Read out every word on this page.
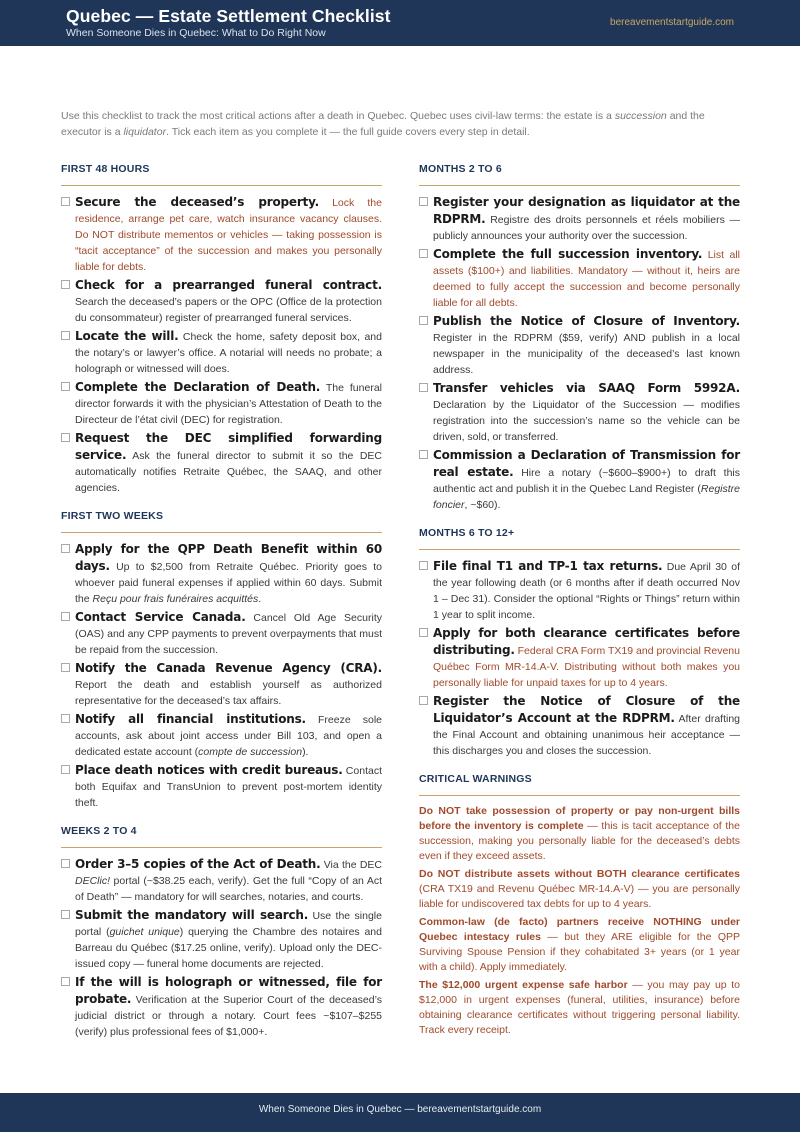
Quebec — Estate Settlement Checklist
When Someone Dies in Quebec: What to Do Right Now
bereavementstartguide.com

Use this checklist to track the most critical actions after a death in Quebec. Quebec uses civil-law terms: the estate is a succession and the executor is a liquidator. Tick each item as you complete it — the full guide covers every step in detail.

FIRST 48 HOURS
Secure the deceased’s property. Lock the residence, arrange pet care, watch insurance vacancy clauses. Do NOT distribute mementos or vehicles — taking possession is “tacit acceptance” of the succession and makes you personally liable for debts.
Check for a prearranged funeral contract. Search the deceased’s papers or the OPC (Office de la protection du consommateur) register of prearranged funeral services.
Locate the will. Check the home, safety deposit box, and the notary’s or lawyer’s office. A notarial will needs no probate; a holograph or witnessed will does.
Complete the Declaration of Death. The funeral director forwards it with the physician’s Attestation of Death to the Directeur de l’état civil (DEC) for registration.
Request the DEC simplified forwarding service. Ask the funeral director to submit it so the DEC automatically notifies Retraite Québec, the SAAQ, and other agencies.
FIRST TWO WEEKS
Apply for the QPP Death Benefit within 60 days. Up to $2,500 from Retraite Québec. Priority goes to whoever paid funeral expenses if applied within 60 days. Submit the Reçu pour frais funéraires acquittés.
Contact Service Canada. Cancel Old Age Security (OAS) and any CPP payments to prevent overpayments that must be repaid from the succession.
Notify the Canada Revenue Agency (CRA). Report the death and establish yourself as authorized representative for the deceased’s tax affairs.
Notify all financial institutions. Freeze sole accounts, ask about joint access under Bill 103, and open a dedicated estate account (compte de succession).
Place death notices with credit bureaus. Contact both Equifax and TransUnion to prevent post-mortem identity theft.
WEEKS 2 TO 4
Order 3–5 copies of the Act of Death. Via the DEC DEClic! portal (~$38.25 each, verify). Get the full “Copy of an Act of Death” — mandatory for will searches, notaries, and courts.
Submit the mandatory will search. Use the single portal (guichet unique) querying the Chambre des notaires and Barreau du Québec ($17.25 online, verify). Upload only the DEC-issued copy — funeral home documents are rejected.
If the will is holograph or witnessed, file for probate. Verification at the Superior Court of the deceased’s judicial district or through a notary. Court fees ~$107–$255 (verify) plus professional fees of $1,000+.
MONTHS 2 TO 6
Register your designation as liquidator at the RDPRM. Registre des droits personnels et réels mobiliers — publicly announces your authority over the succession.
Complete the full succession inventory. List all assets ($100+) and liabilities. Mandatory — without it, heirs are deemed to fully accept the succession and become personally liable for all debts.
Publish the Notice of Closure of Inventory. Register in the RDPRM ($59, verify) AND publish in a local newspaper in the municipality of the deceased’s last known address.
Transfer vehicles via SAAQ Form 5992A. Declaration by the Liquidator of the Succession — modifies registration into the succession’s name so the vehicle can be driven, sold, or transferred.
Commission a Declaration of Transmission for real estate. Hire a notary (~$600–$900+) to draft this authentic act and publish it in the Quebec Land Register (Registre foncier, ~$60).
MONTHS 6 TO 12+
File final T1 and TP-1 tax returns. Due April 30 of the year following death (or 6 months after if death occurred Nov 1 – Dec 31). Consider the optional “Rights or Things” return within 1 year to split income.
Apply for both clearance certificates before distributing. Federal CRA Form TX19 and provincial Revenu Québec Form MR-14.A-V. Distributing without both makes you personally liable for unpaid taxes for up to 4 years.
Register the Notice of Closure of the Liquidator’s Account at the RDPRM. After drafting the Final Account and obtaining unanimous heir acceptance — this discharges you and closes the succession.
CRITICAL WARNINGS
Do NOT take possession of property or pay non-urgent bills before the inventory is complete — this is tacit acceptance of the succession, making you personally liable for the deceased’s debts even if they exceed assets.
Do NOT distribute assets without BOTH clearance certificates (CRA TX19 and Revenu Québec MR-14.A-V) — you are personally liable for undiscovered tax debts for up to 4 years.
Common-law (de facto) partners receive NOTHING under Quebec intestacy rules — but they ARE eligible for the QPP Surviving Spouse Pension if they cohabitated 3+ years (or 1 year with a child). Apply immediately.
The $12,000 urgent expense safe harbor — you may pay up to $12,000 in urgent expenses (funeral, utilities, insurance) before obtaining clearance certificates without triggering personal liability. Track every receipt.
When Someone Dies in Quebec — bereavementstartguide.com
